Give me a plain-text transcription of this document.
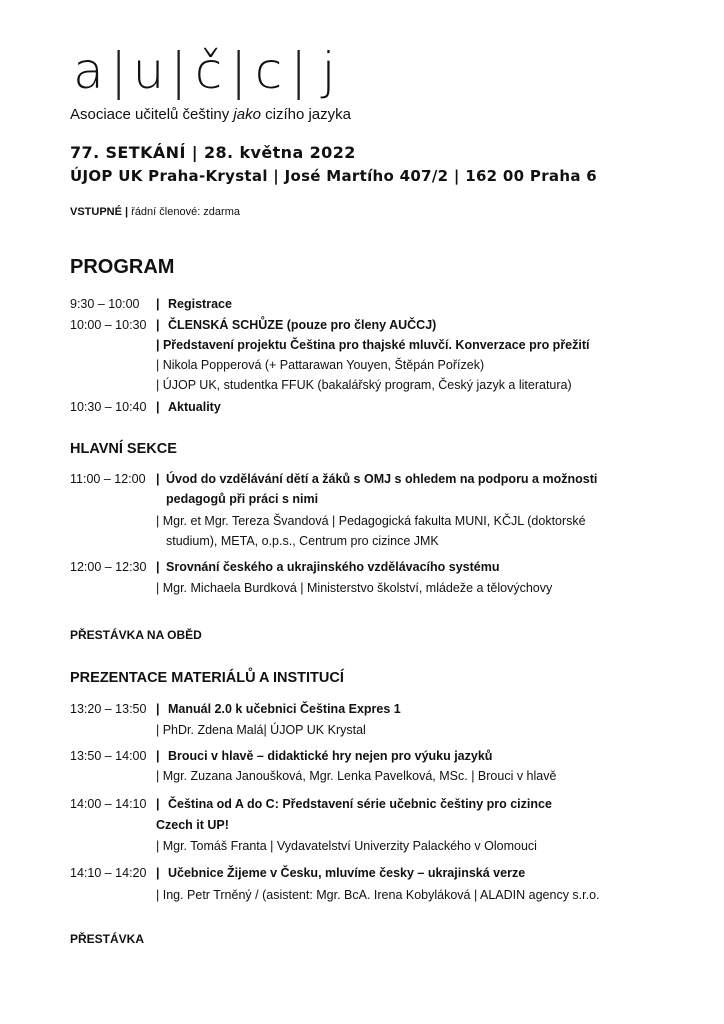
a |u| č | c | j
Asociace učitelů češtiny jako cizího jazyka
77. SETKÁNÍ | 28. května 2022
ÚJOP UK Praha-Krystal | José Martího 407/2 | 162 00 Praha 6
VSTUPNÉ | řádní členové: zdarma
PROGRAM
9:30 – 10:00 | Registrace
10:00 – 10:30 | ČLENSKÁ SCHŮZE (pouze pro členy AUČCJ)
| Představení projektu Čeština pro thajské mluvčí. Konverzace pro přežití
| Nikola Popperová (+ Pattarawan Youyen, Štěpán Pořízek)
| ÚJOP UK, studentka FFUK (bakalářský program, Český jazyk a literatura)
10:30 – 10:40 | Aktuality
HLAVNÍ SEKCE
11:00 – 12:00 | Úvod do vzdělávání dětí a žáků s OMJ s ohledem na podporu a možnosti
pedagogů při práci s nimi
| Mgr. et Mgr. Tereza Švandová | Pedagogická fakulta MUNI, KČJL (doktorské
studium), META, o.p.s., Centrum pro cizince JMK
12:00 – 12:30 | Srovnání českého a ukrajinského vzdělávacího systému
| Mgr. Michaela Burdková | Ministerstvo školství, mládeže a tělovýchovy
PŘESTÁVKA NA OBĚD
PREZENTACE MATERIÁLŮ A INSTITUCÍ
13:20 – 13:50 | Manuál 2.0 k učebnici Čeština Expres 1
| PhDr. Zdena Malá| ÚJOP UK Krystal
13:50 – 14:00 | Brouci v hlavě – didaktické hry nejen pro výuku jazyků
| Mgr. Zuzana Janoušková, Mgr. Lenka Pavelková, MSc. | Brouci v hlavě
14:00 – 14:10 | Čeština od A do C: Představení série učebnic češtiny pro cizince
Czech it UP!
| Mgr. Tomáš Franta | Vydavatelství Univerzity Palackého v Olomouci
14:10 – 14:20 | Učebnice Žijeme v Česku, mluvíme česky – ukrajinská verze
| Ing. Petr Trněný / (asistent: Mgr. BcA. Irena Kobyláková | ALADIN agency s.r.o.
PŘESTÁVKA
